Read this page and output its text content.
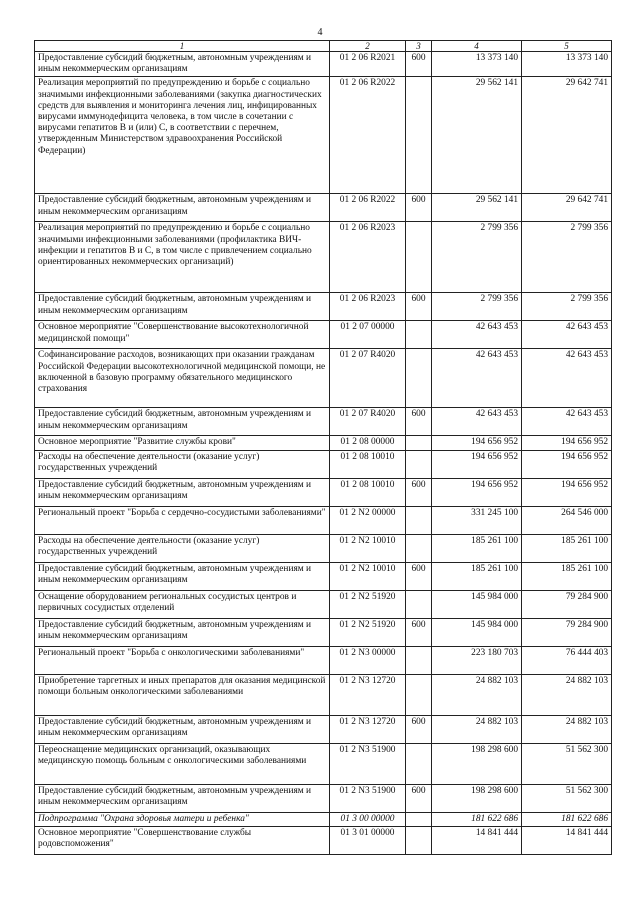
4
1	2	3	4	5
Предоставление субсидий бюджетным, автономным учреждениям и иным некоммерческим организациям	01 2 06 R2021	600	13 373 140	13 373 140
Реализация мероприятий по предупреждению и борьбе с социально значимыми инфекционными заболеваниями (закупка диагностических средств для выявления и мониторинга лечения лиц, инфицированных вирусами иммунодефицита человека, в том числе в сочетании с вирусами гепатитов В и (или) С, в соответствии с перечнем, утвержденным Министерством здравоохранения Российской Федерации)	01 2 06 R2022		29 562 141	29 642 741
Предоставление субсидий бюджетным, автономным учреждениям и иным некоммерческим организациям	01 2 06 R2022	600	29 562 141	29 642 741
Реализация мероприятий по предупреждению и борьбе с социально значимыми инфекционными заболеваниями (профилактика ВИЧ-инфекции и гепатитов В и С, в том числе с привлечением социально ориентированных некоммерческих организаций)	01 2 06 R2023		2 799 356	2 799 356
Предоставление субсидий бюджетным, автономным учреждениям и иным некоммерческим организациям	01 2 06 R2023	600	2 799 356	2 799 356
Основное мероприятие "Совершенствование высокотехнологичной медицинской помощи"	01 2 07 00000		42 643 453	42 643 453
Софинансирование расходов, возникающих при оказании гражданам Российской Федерации высокотехнологичной медицинской помощи, не включенной в базовую программу обязательного медицинского страхования	01 2 07 R4020		42 643 453	42 643 453
Предоставление субсидий бюджетным, автономным учреждениям и иным некоммерческим организациям	01 2 07 R4020	600	42 643 453	42 643 453
Основное мероприятие "Развитие службы крови"	01 2 08 00000		194 656 952	194 656 952
Расходы на обеспечение деятельности (оказание услуг) государственных учреждений	01 2 08 10010		194 656 952	194 656 952
Предоставление субсидий бюджетным, автономным учреждениям и иным некоммерческим организациям	01 2 08 10010	600	194 656 952	194 656 952
Региональный проект "Борьба с сердечно-сосудистыми заболеваниями"	01 2 N2 00000		331 245 100	264 546 000
Расходы на обеспечение деятельности (оказание услуг) государственных учреждений	01 2 N2 10010		185 261 100	185 261 100
Предоставление субсидий бюджетным, автономным учреждениям и иным некоммерческим организациям	01 2 N2 10010	600	185 261 100	185 261 100
Оснащение оборудованием региональных сосудистых центров и первичных сосудистых отделений	01 2 N2 51920		145 984 000	79 284 900
Предоставление субсидий бюджетным, автономным учреждениям и иным некоммерческим организациям	01 2 N2 51920	600	145 984 000	79 284 900
Региональный проект "Борьба с онкологическими заболеваниями"	01 2 N3 00000		223 180 703	76 444 403
Приобретение таргетных и иных препаратов для оказания медицинской помощи больным онкологическими заболеваниями	01 2 N3 12720		24 882 103	24 882 103
Предоставление субсидий бюджетным, автономным учреждениям и иным некоммерческим организациям	01 2 N3 12720	600	24 882 103	24 882 103
Переоснащение медицинских организаций, оказывающих медицинскую помощь больным с онкологическими заболеваниями	01 2 N3 51900		198 298 600	51 562 300
Предоставление субсидий бюджетным, автономным учреждениям и иным некоммерческим организациям	01 2 N3 51900	600	198 298 600	51 562 300
Подпрограмма "Охрана здоровья матери и ребенка"	01 3 00 00000		181 622 686	181 622 686
Основное мероприятие "Совершенствование службы родовспоможения"	01 3 01 00000		14 841 444	14 841 444
